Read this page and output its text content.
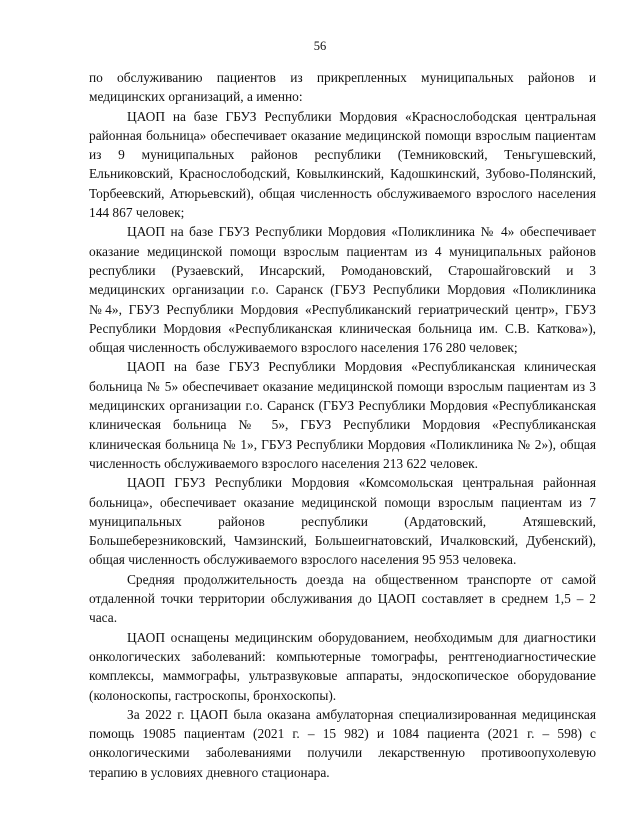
56

по обслуживанию пациентов из прикрепленных муниципальных районов и медицинских организаций, а именно:

ЦАОП на базе ГБУЗ Республики Мордовия «Краснослободская центральная районная больница» обеспечивает оказание медицинской помощи взрослым пациентам из 9 муниципальных районов республики (Темниковский, Теньгушевский, Ельниковский, Краснослободский, Ковылкинский, Кадошкинский, Зубово-Полянский, Торбеевский, Атюрьевский), общая численность обслуживаемого взрослого населения 144 867 человек;

ЦАОП на базе ГБУЗ Республики Мордовия «Поликлиника № 4» обеспечивает оказание медицинской помощи взрослым пациентам из 4 муниципальных районов республики (Рузаевский, Инсарский, Ромодановский, Старошайговский и 3 медицинских организации г.о. Саранск (ГБУЗ Республики Мордовия «Поликлиника №4», ГБУЗ Республики Мордовия «Республиканский гериатрический центр», ГБУЗ Республики Мордовия «Республиканская клиническая больница им. С.В. Каткова»), общая численность обслуживаемого взрослого населения 176 280 человек;

ЦАОП на базе ГБУЗ Республики Мордовия «Республиканская клиническая больница № 5» обеспечивает оказание медицинской помощи взрослым пациентам из 3 медицинских организации г.о. Саранск (ГБУЗ Республики Мордовия «Республиканская клиническая больница № 5», ГБУЗ Республики Мордовия «Республиканская клиническая больница № 1», ГБУЗ Республики Мордовия «Поликлиника № 2»), общая численность обслуживаемого взрослого населения 213 622 человек.

ЦАОП ГБУЗ Республики Мордовия «Комсомольская центральная районная больница», обеспечивает оказание медицинской помощи взрослым пациентам из 7 муниципальных районов республики (Ардатовский, Атяшевский, Большеберезниковский, Чамзинский, Большеигнатовский, Ичалковский, Дубенский), общая численность обслуживаемого взрослого населения 95 953 человека.

Средняя продолжительность доезда на общественном транспорте от самой отдаленной точки территории обслуживания до ЦАОП составляет в среднем 1,5 – 2 часа.

ЦАОП оснащены медицинским оборудованием, необходимым для диагностики онкологических заболеваний: компьютерные томографы, рентгенодиагностические комплексы, маммографы, ультразвуковые аппараты, эндоскопическое оборудование (колоноскопы, гастроскопы, бронхоскопы).

За 2022 г. ЦАОП была оказана амбулаторная специализированная медицинская помощь 19085 пациентам (2021 г. – 15 982) и 1084 пациента (2021 г. – 598) с онкологическими заболеваниями получили лекарственную противоопухолевую терапию в условиях дневного стационара.
